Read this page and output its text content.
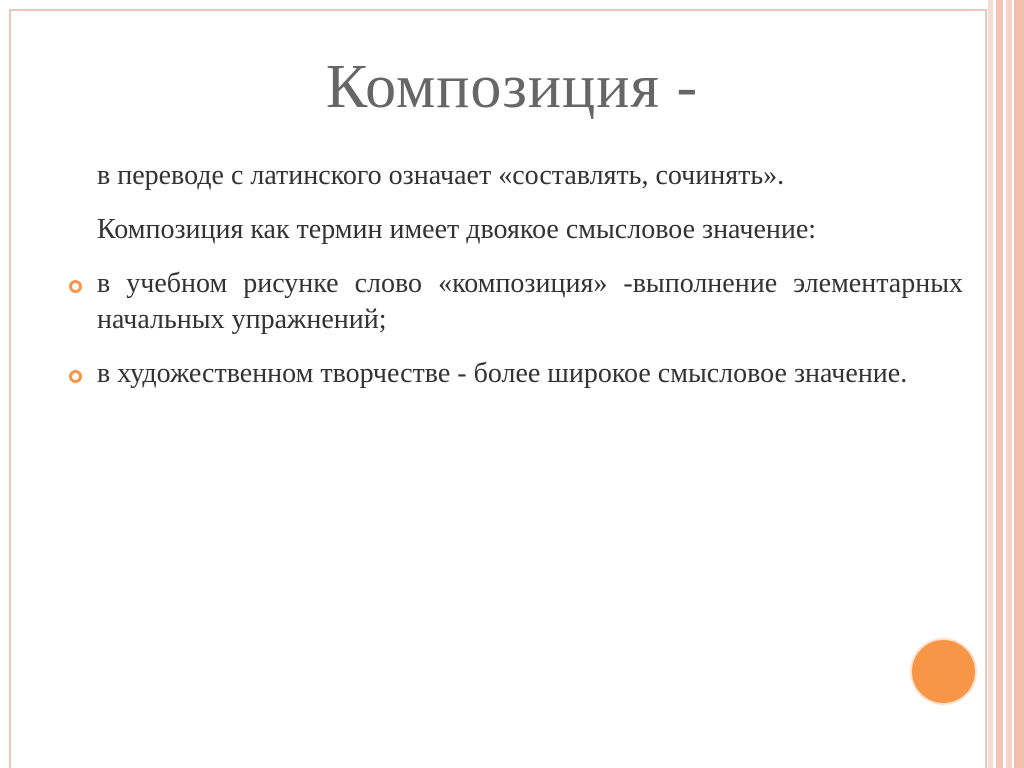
Композиция -

в переводе с латинского означает «составлять, сочинять».

Композиция как термин имеет двоякое смысловое значение:

в учебном рисунке слово «композиция» -выполнение элементарных начальных упражнений;

в художественном творчестве - более широкое смысловое значение.
